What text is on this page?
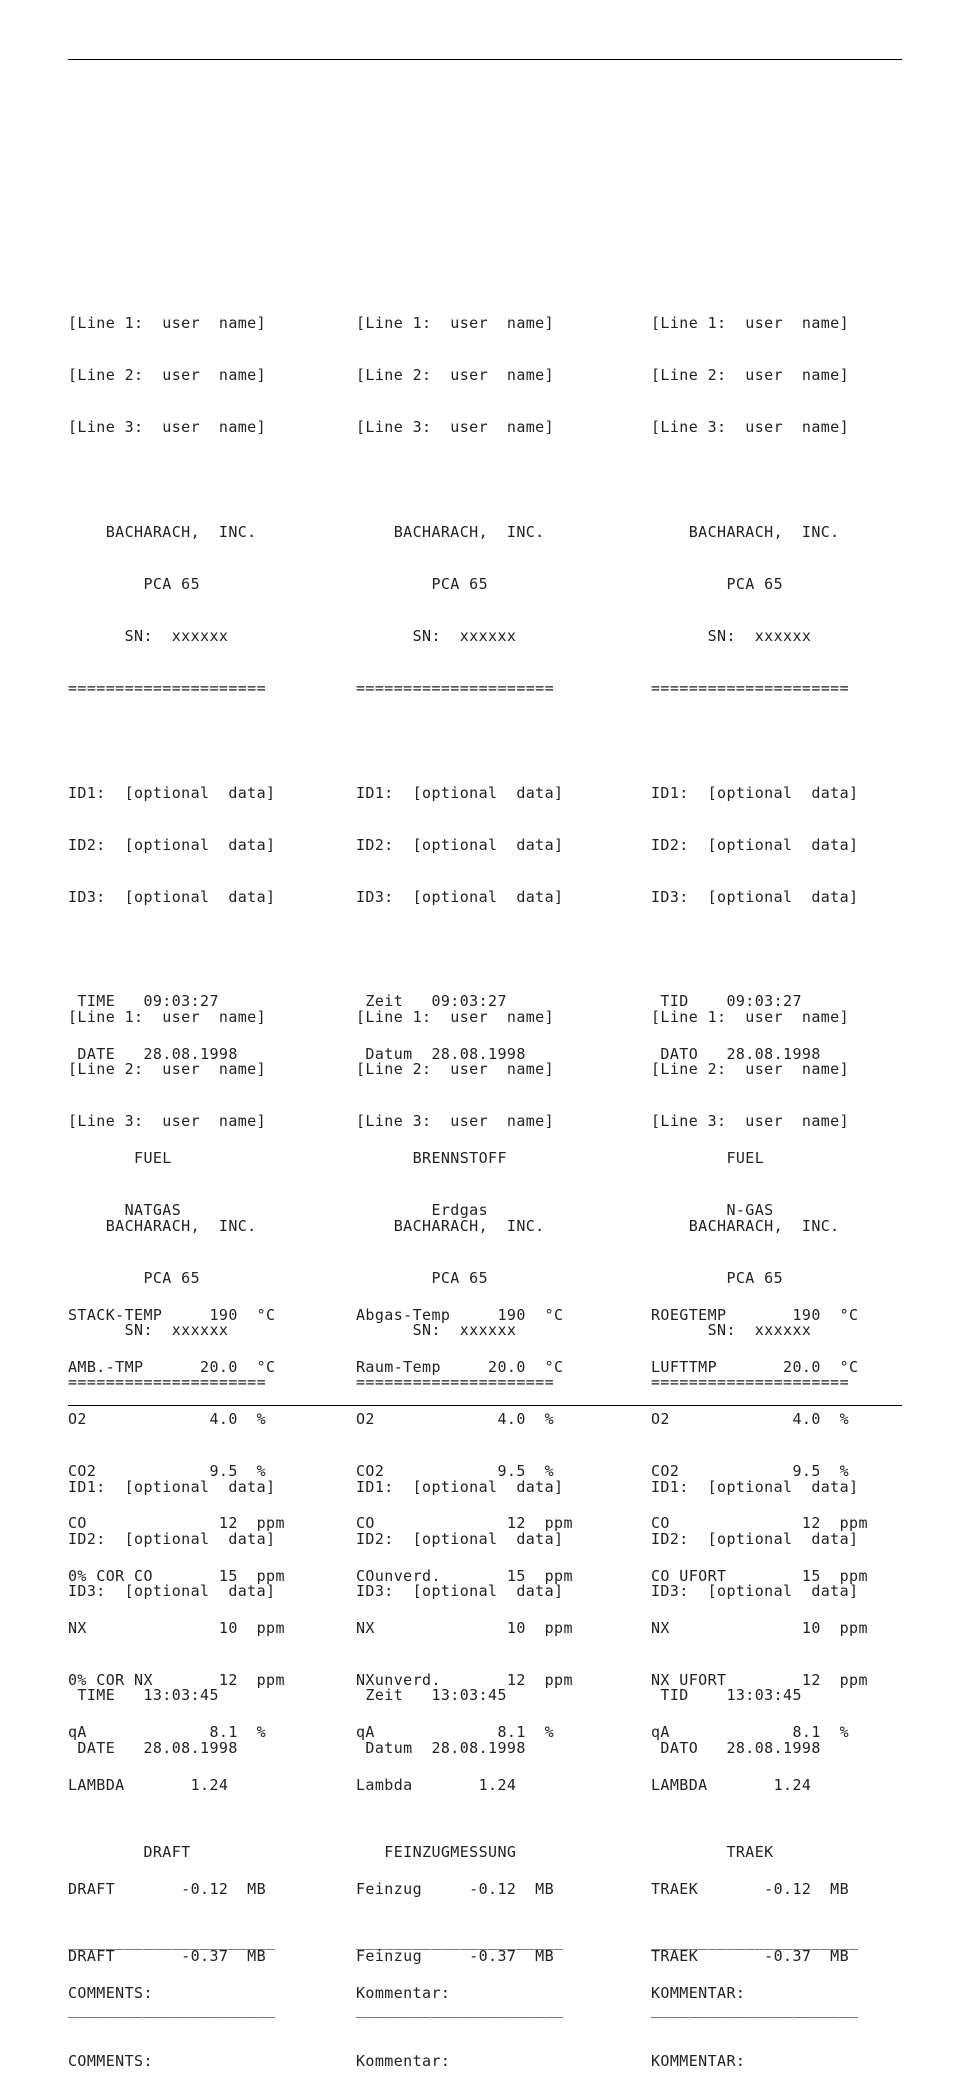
[Line 1:  user  name]

[Line 2:  user  name]

[Line 3:  user  name]

BACHARACH,  INC.

PCA 65

SN:  xxxxxx

=====================

ID1:  [optional  data]

ID2:  [optional  data]

ID3:  [optional  data]

TIME   09:03:27

DATE   28.08.1998

FUEL

NATGAS

STACK-TEMP     190  °C

AMB.-TMP      20.0  °C

O2             4.0  %

CO2            9.5  %

CO              12  ppm

0% COR CO       15  ppm

NX              10  ppm

0% COR NX       12  ppm

qA             8.1  %

LAMBDA       1.24

DRAFT       -0.12  MB

______________________

COMMENTS:

[Line 1:  user  name]

[Line 2:  user  name]

[Line 3:  user  name]

BACHARACH,  INC.

PCA 65

SN:  xxxxxx

=====================

ID1:  [optional  data]

ID2:  [optional  data]

ID3:  [optional  data]

Zeit   09:03:27

Datum  28.08.1998

BRENNSTOFF

Erdgas

Abgas-Temp     190  °C

Raum-Temp     20.0  °C

O2             4.0  %

CO2            9.5  %

CO              12  ppm

COunverd.       15  ppm

NX              10  ppm

NXunverd.       12  ppm

qA             8.1  %

Lambda       1.24

Feinzug     -0.12  MB

______________________

Kommentar:

[Line 1:  user  name]

[Line 2:  user  name]

[Line 3:  user  name]

BACHARACH,  INC.

PCA 65

SN:  xxxxxx

=====================

ID1:  [optional  data]

ID2:  [optional  data]

ID3:  [optional  data]

TID    09:03:27

DATO   28.08.1998

FUEL

N-GAS

ROEGTEMP       190  °C

LUFTTMP       20.0  °C

O2             4.0  %

CO2            9.5  %

CO              12  ppm

CO UFORT        15  ppm

NX              10  ppm

NX UFORT        12  ppm

qA             8.1  %

LAMBDA       1.24

TRAEK       -0.12  MB

______________________

KOMMENTAR:

[Line 1:  user  name]

[Line 2:  user  name]

[Line 3:  user  name]

BACHARACH,  INC.

PCA 65

SN:  xxxxxx

=====================

ID1:  [optional  data]

ID2:  [optional  data]

ID3:  [optional  data]

TIME   13:03:45

DATE   28.08.1998

DRAFT

DRAFT       -0.37  MB

______________________

COMMENTS:

[Line 1:  user  name]

[Line 2:  user  name]

[Line 3:  user  name]

BACHARACH,  INC.

PCA 65

SN:  xxxxxx

=====================

ID1:  [optional  data]

ID2:  [optional  data]

ID3:  [optional  data]

Zeit   13:03:45

Datum  28.08.1998

FEINZUGMESSUNG

Feinzug     -0.37  MB

______________________

Kommentar:

[Line 1:  user  name]

[Line 2:  user  name]

[Line 3:  user  name]

BACHARACH,  INC.

PCA 65

SN:  xxxxxx

=====================

ID1:  [optional  data]

ID2:  [optional  data]

ID3:  [optional  data]

TID    13:03:45

DATO   28.08.1998

TRAEK

TRAEK       -0.37  MB

______________________

KOMMENTAR:
